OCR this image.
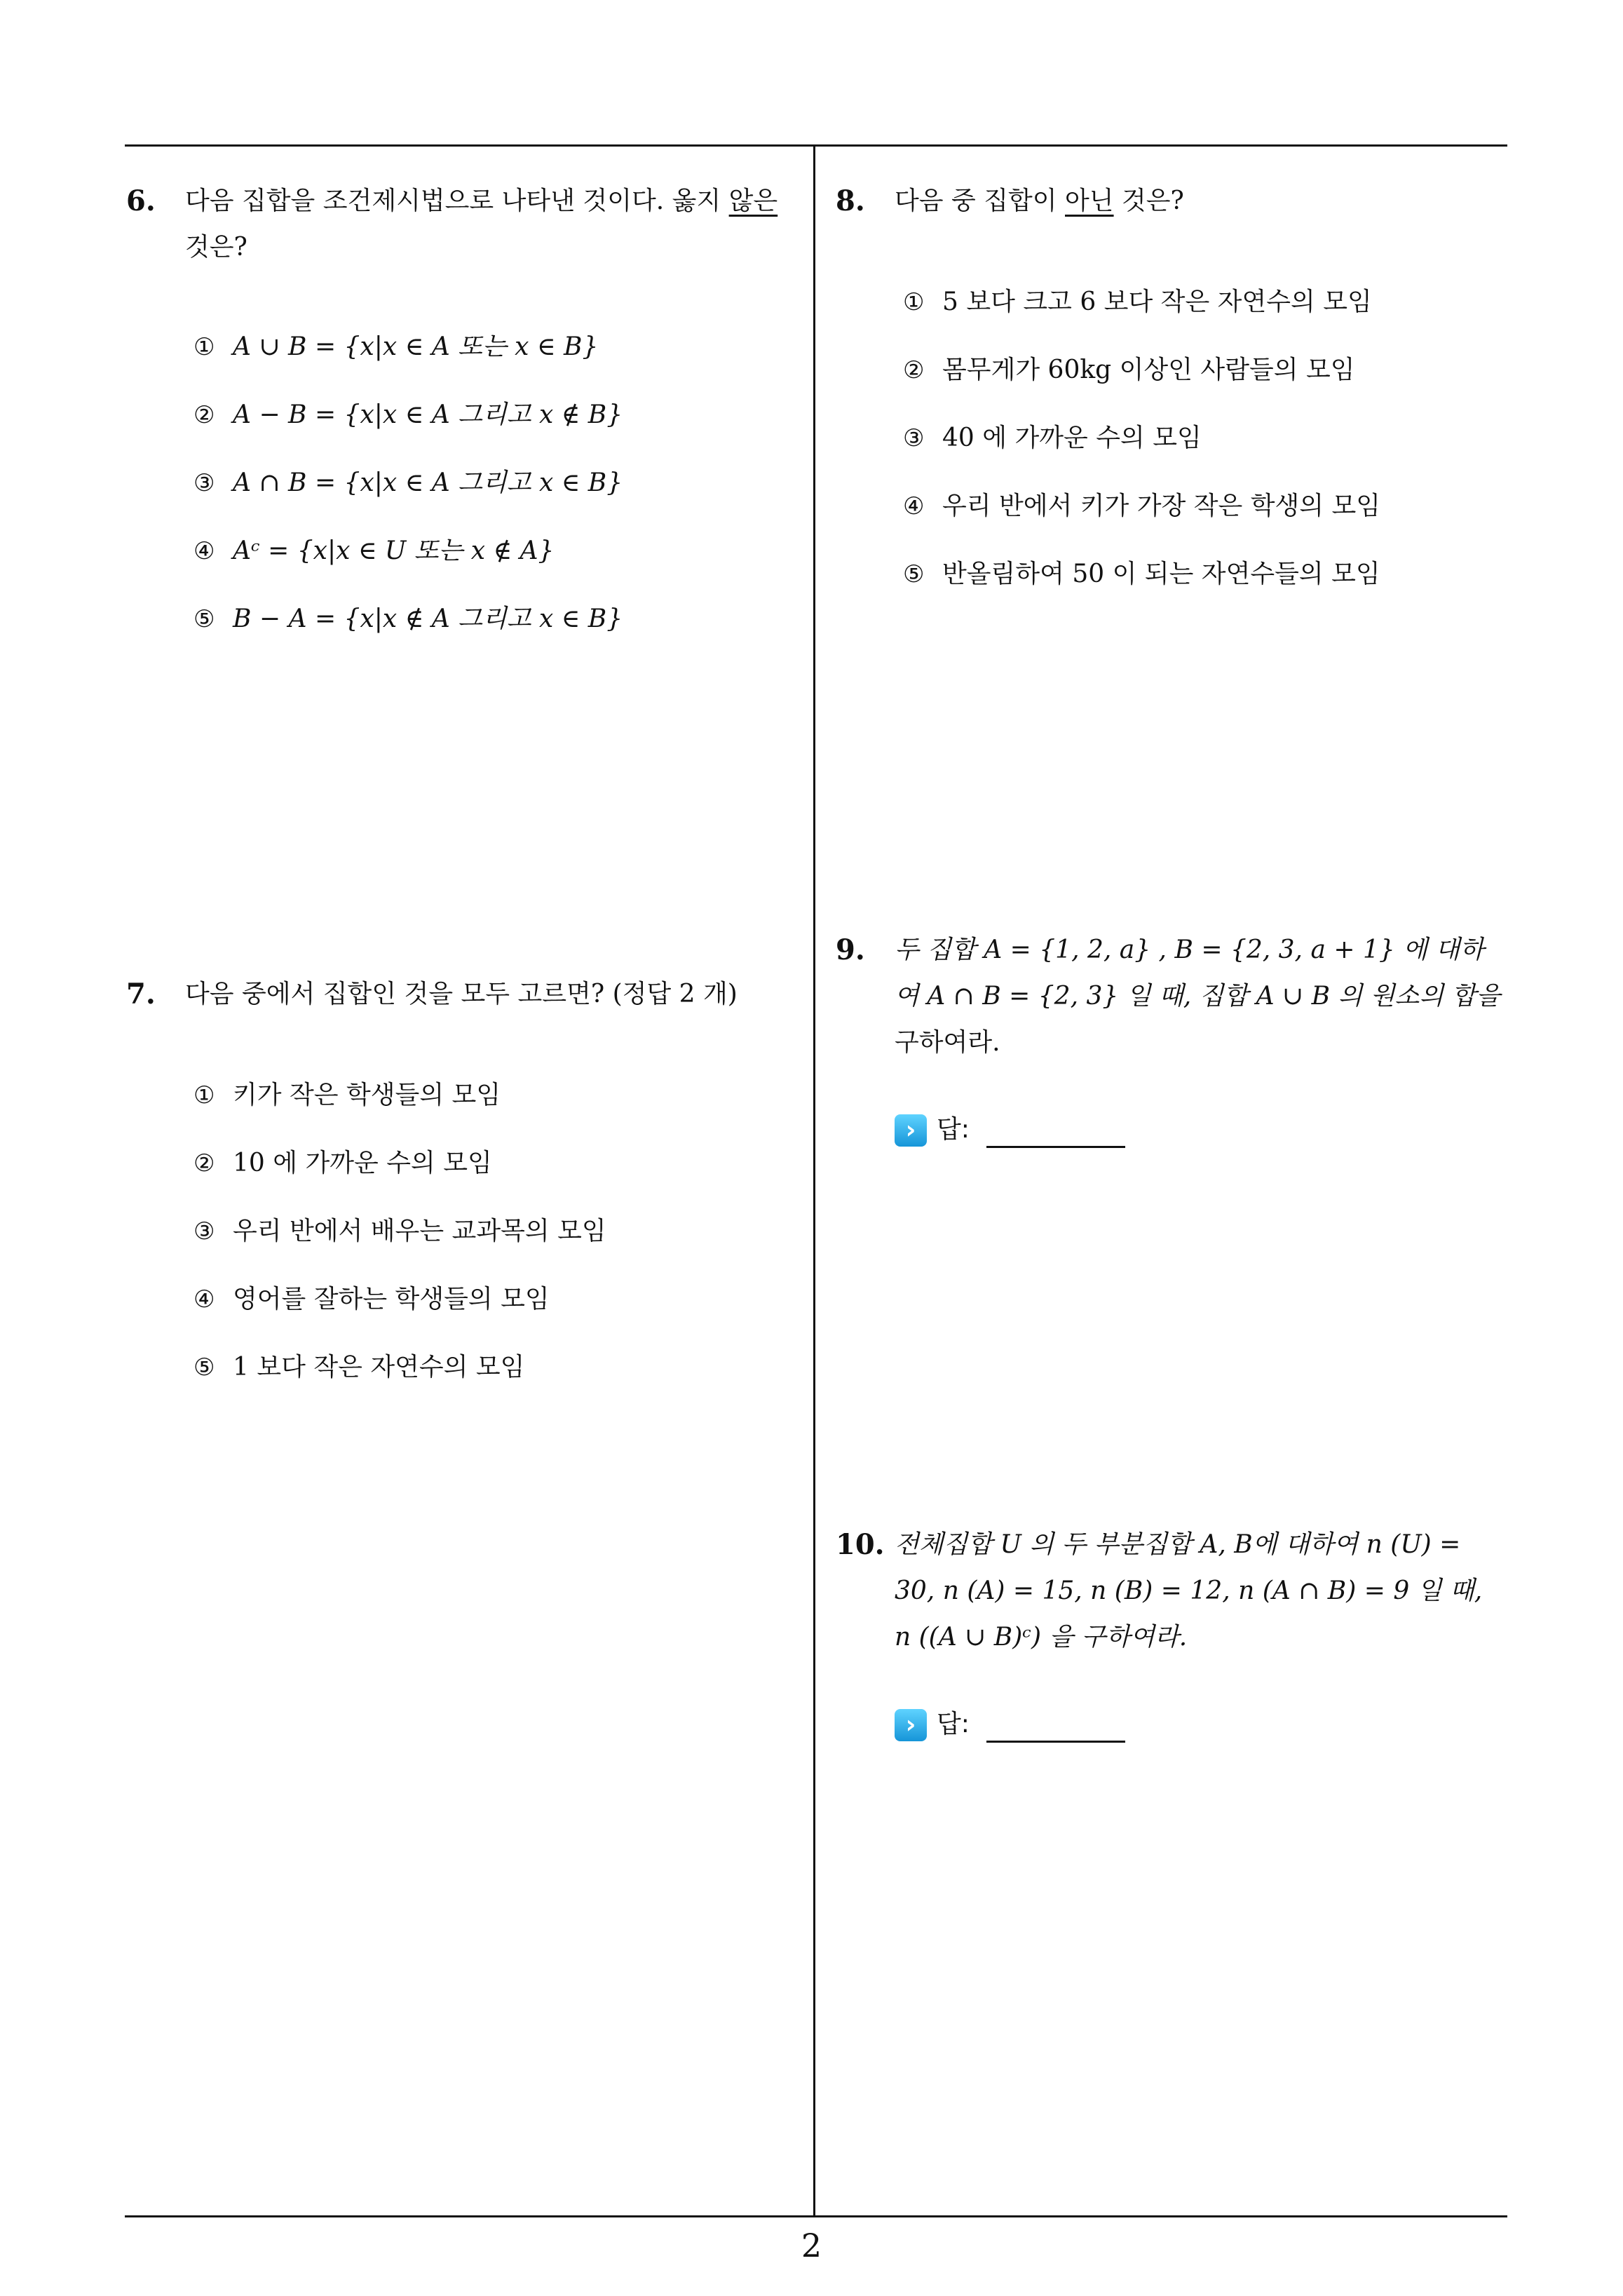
6. 다음 집합을 조건제시법으로 나타낸 것이다. 옳지 않은
것은?
① A ∪ B = {x|x ∈ A 또는 x ∈ B}
② A − B = {x|x ∈ A 그리고 x ∉ B}
③ A ∩ B = {x|x ∈ A 그리고 x ∈ B}
④ Aᶜ = {x|x ∈ U 또는 x ∉ A}
⑤ B − A = {x|x ∉ A 그리고 x ∈ B}
7. 다음 중에서 집합인 것을 모두 고르면? (정답 2 개)
① 키가 작은 학생들의 모임
② 10 에 가까운 수의 모임
③ 우리 반에서 배우는 교과목의 모임
④ 영어를 잘하는 학생들의 모임
⑤ 1 보다 작은 자연수의 모임
8. 다음 중 집합이 아닌 것은?
① 5 보다 크고 6 보다 작은 자연수의 모임
② 몸무게가 60kg 이상인 사람들의 모임
③ 40 에 가까운 수의 모임
④ 우리 반에서 키가 가장 작은 학생의 모임
⑤ 반올림하여 50 이 되는 자연수들의 모임
9. 두 집합 A = {1, 2, a} , B = {2, 3, a + 1} 에 대하
여 A ∩ B = {2, 3} 일 때, 집합 A ∪ B 의 원소의 합을
구하여라.
› 답:
10. 전체집합 U 의 두 부분집합 A, B에 대하여 n (U) =
30, n (A) = 15, n (B) = 12, n (A ∩ B) = 9 일 때,
n ((A ∪ B)ᶜ) 을 구하여라.
› 답:
2
